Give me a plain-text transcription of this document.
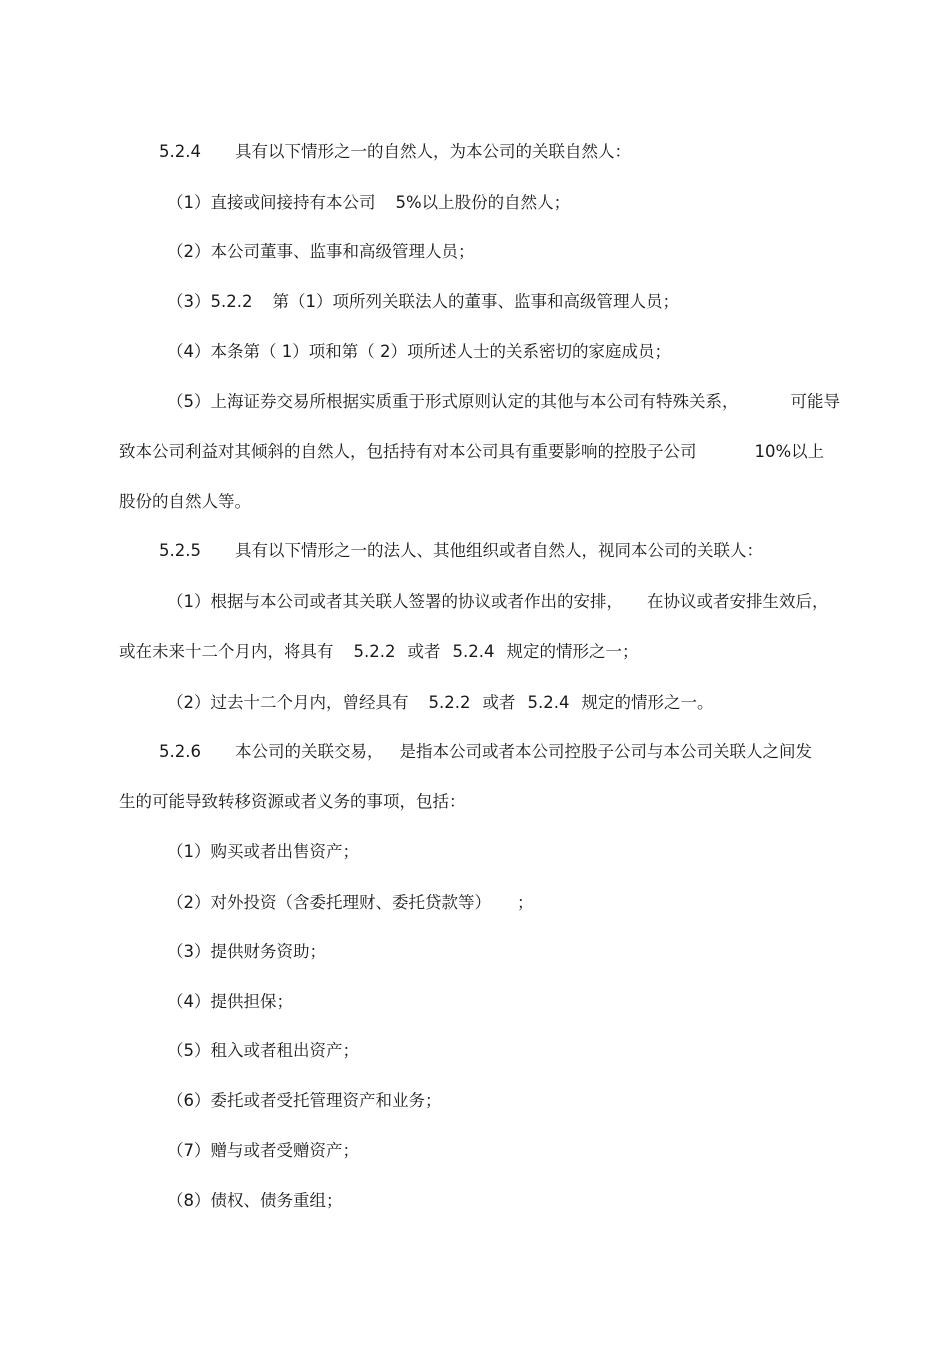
5.2.4 具有以下情形之一的自然人，为本公司的关联自然人：

（1）直接或间接持有本公司 5%以上股份的自然人；

（2）本公司董事、监事和高级管理人员；

（3）5.2.2 第（1）项所列关联法人的董事、监事和高级管理人员；

（4）本条第（ 1）项和第（ 2）项所述人士的关系密切的家庭成员；

（5）上海证券交易所根据实质重于形式原则认定的其他与本公司有特殊关系，	可能导

致本公司利益对其倾斜的自然人，包括持有对本公司具有重要影响的控股子公司	10%以上

股份的自然人等。

5.2.5 具有以下情形之一的法人、其他组织或者自然人，视同本公司的关联人：

（1）根据与本公司或者其关联人签署的协议或者作出的安排， 在协议或者安排生效后，

或在未来十二个月内，将具有 5.2.2 或者 5.2.4 规定的情形之一；

（2）过去十二个月内，曾经具有 5.2.2 或者 5.2.4 规定的情形之一。

5.2.6 本公司的关联交易， 是指本公司或者本公司控股子公司与本公司关联人之间发

生的可能导致转移资源或者义务的事项，包括：

（1）购买或者出售资产；

（2）对外投资（含委托理财、委托贷款等） ；

（3）提供财务资助；

（4）提供担保；

（5）租入或者租出资产；

（6）委托或者受托管理资产和业务；

（7）赠与或者受赠资产；

（8）债权、债务重组；
